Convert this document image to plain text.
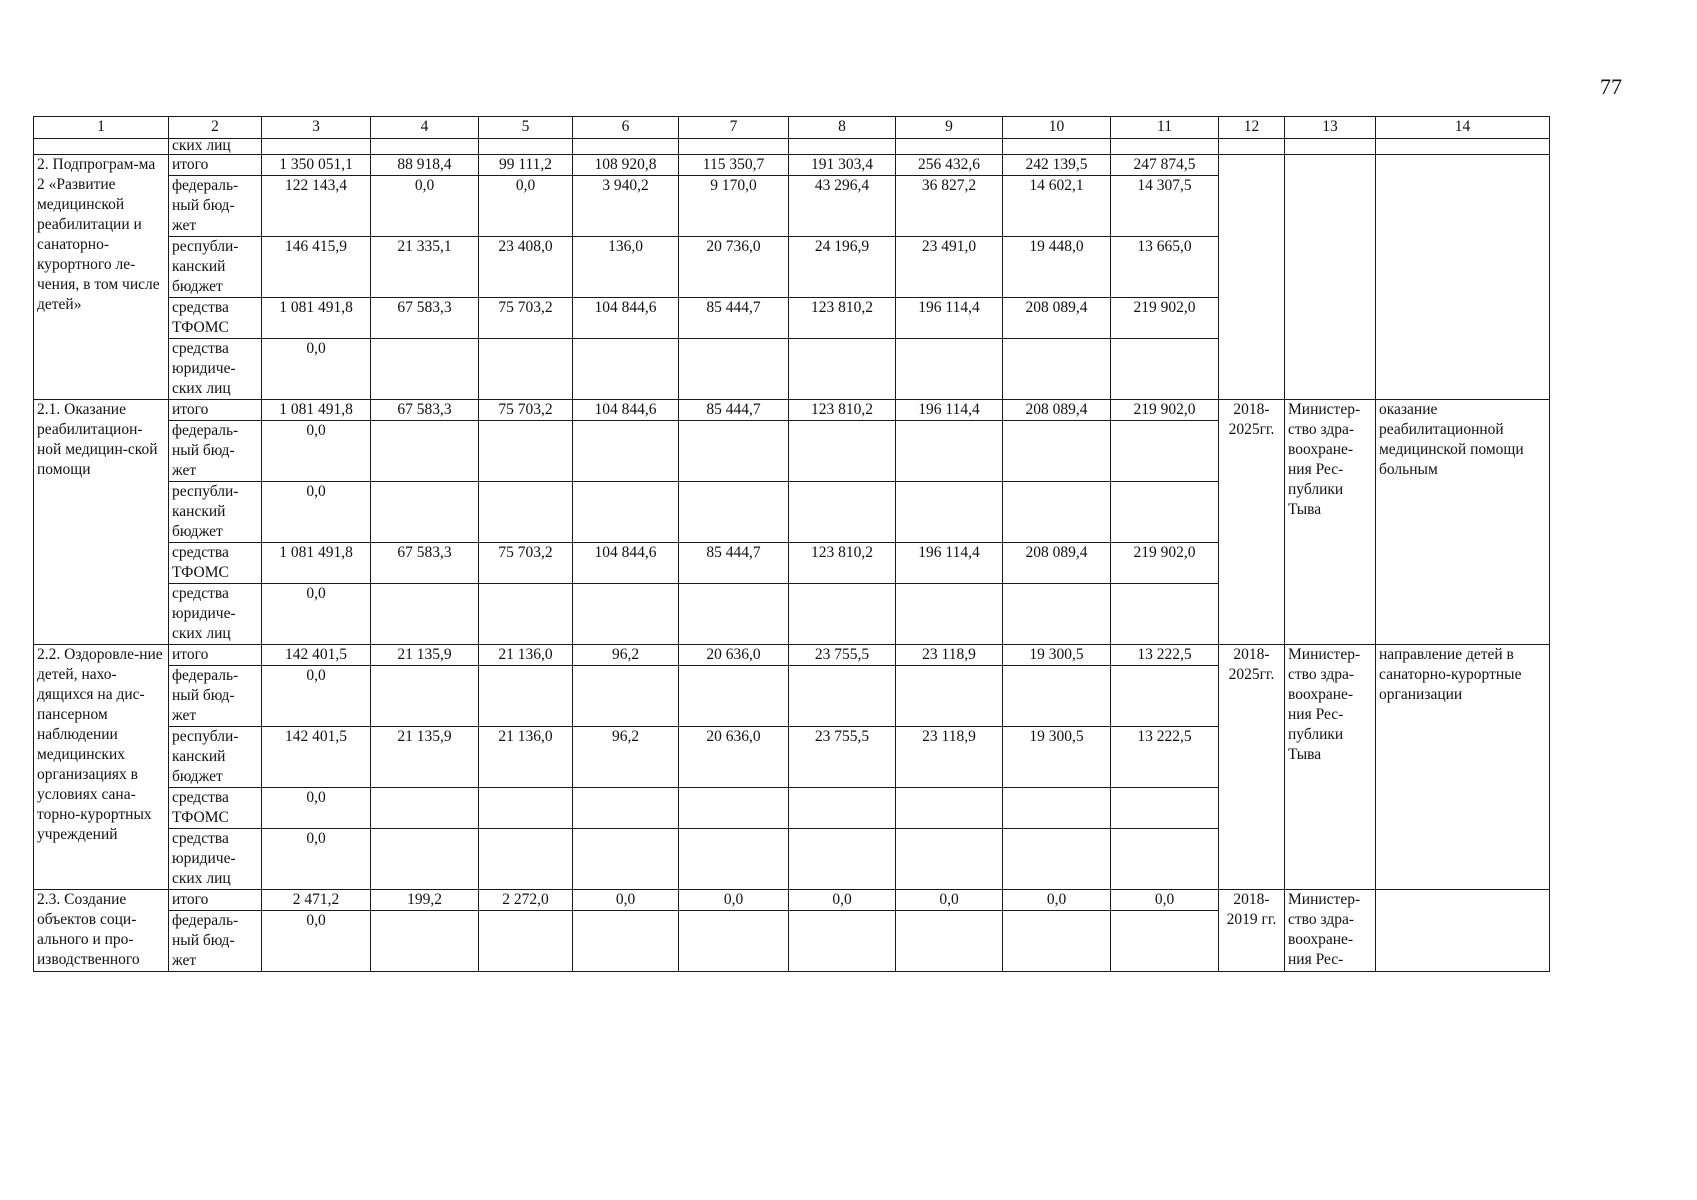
77
1	2	3	4	5	6	7	8	9	10	11	12	13	14
	ских лиц												
2. Подпрограм-ма 2 «Развитие медицинской реабилитации и санаторно-курортного ле-чения, в том числе детей»	итого	1 350 051,1	88 918,4	99 111,2	108 920,8	115 350,7	191 303,4	256 432,6	242 139,5	247 874,5			
	федераль-ный бюд-жет	122 143,4	0,0	0,0	3 940,2	9 170,0	43 296,4	36 827,2	14 602,1	14 307,5			
	республи-канский бюджет	146 415,9	21 335,1	23 408,0	136,0	20 736,0	24 196,9	23 491,0	19 448,0	13 665,0			
	средства ТФОМС	1 081 491,8	67 583,3	75 703,2	104 844,6	85 444,7	123 810,2	196 114,4	208 089,4	219 902,0			
	средства юридиче-ских лиц	0,0											
2.1. Оказание реабилитацион-ной медицин-ской помощи	итого	1 081 491,8	67 583,3	75 703,2	104 844,6	85 444,7	123 810,2	196 114,4	208 089,4	219 902,0	2018-2025гг.	Министер-ство здра-воохране-ния Рес-публики Тыва	оказание реабилитационной медицинской помощи больным
	федераль-ный бюд-жет	0,0											
	республи-канский бюджет	0,0											
	средства ТФОМС	1 081 491,8	67 583,3	75 703,2	104 844,6	85 444,7	123 810,2	196 114,4	208 089,4	219 902,0			
	средства юридиче-ских лиц	0,0											
2.2. Оздоровле-ние детей, нахо-дящихся на дис-пансерном наблюдении медицинских организациях в условиях сана-торно-курортных учреждений	итого	142 401,5	21 135,9	21 136,0	96,2	20 636,0	23 755,5	23 118,9	19 300,5	13 222,5	2018-2025гг.	Министер-ство здра-воохране-ния Рес-публики Тыва	направление детей в санаторно-курортные организации
	федераль-ный бюд-жет	0,0											
	республи-канский бюджет	142 401,5	21 135,9	21 136,0	96,2	20 636,0	23 755,5	23 118,9	19 300,5	13 222,5			
	средства ТФОМС	0,0											
	средства юридиче-ских лиц	0,0											
2.3. Создание объектов соци-ального и про-изводственного	итого	2 471,2	199,2	2 272,0	0,0	0,0	0,0	0,0	0,0	0,0	2018-2019 гг.	Министер-ство здра-воохране-ния Рес-	
	федераль-ный бюд-жет	0,0											
